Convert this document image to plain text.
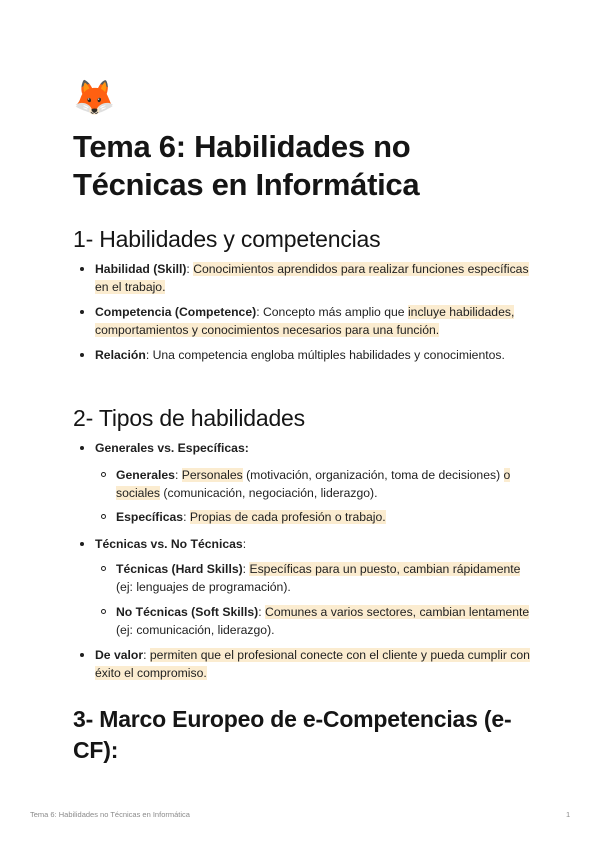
🦊
Tema 6: Habilidades no Técnicas en Informática
1- Habilidades y competencias
Habilidad (Skill): Conocimientos aprendidos para realizar funciones específicas en el trabajo.
Competencia (Competence): Concepto más amplio que incluye habilidades, comportamientos y conocimientos necesarios para una función.
Relación: Una competencia engloba múltiples habilidades y conocimientos.
2- Tipos de habilidades
Generales vs. Específicas:
Generales: Personales (motivación, organización, toma de decisiones) o sociales (comunicación, negociación, liderazgo).
Específicas: Propias de cada profesión o trabajo.
Técnicas vs. No Técnicas:
Técnicas (Hard Skills): Específicas para un puesto, cambian rápidamente (ej: lenguajes de programación).
No Técnicas (Soft Skills): Comunes a varios sectores, cambian lentamente (ej: comunicación, liderazgo).
De valor: permiten que el profesional conecte con el cliente y pueda cumplir con éxito el compromiso.
3- Marco Europeo de e-Competencias (e-CF):
Tema 6: Habilidades no Técnicas en Informática	1
